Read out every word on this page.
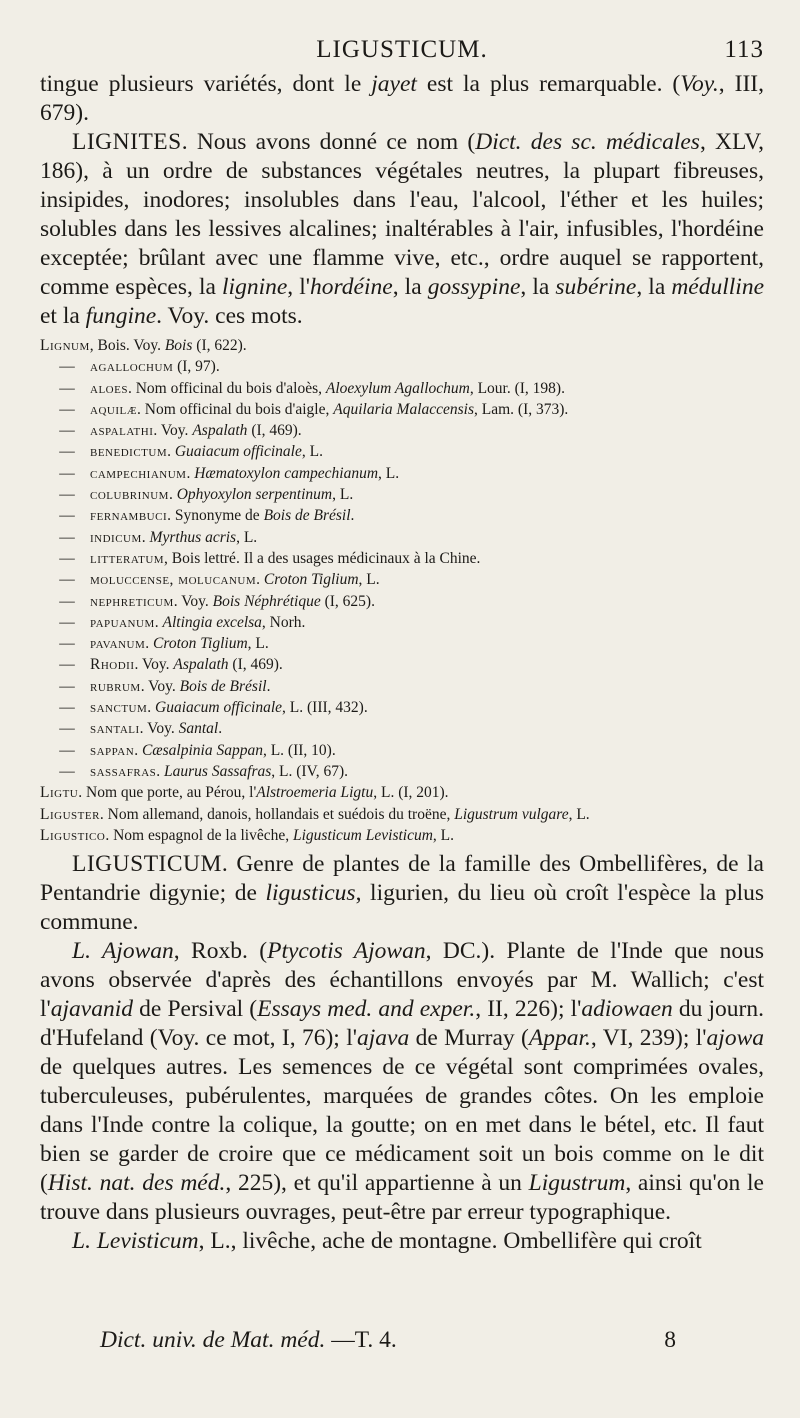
LIGUSTICUM.	113

tingue plusieurs variétés, dont le jayet est la plus remarquable. (Voy., III, 679).

LIGNITES. Nous avons donné ce nom (Dict. des sc. médicales, XLV, 186), à un ordre de substances végétales neutres, la plupart fibreuses, insipides, inodores; insolubles dans l'eau, l'alcool, l'éther et les huiles; solubles dans les lessives alcalines; inaltérables à l'air, infusibles, l'hordéine exceptée; brûlant avec une flamme vive, etc., ordre auquel se rapportent, comme espèces, la lignine, l'hordéine, la gossypine, la subérine, la médulline et la fungine. Voy. ces mots.

Lignum, Bois. Voy. Bois (I, 622).

— agallochum (I, 97).

— aloes. Nom officinal du bois d'aloès, Aloexylum Agallochum, Lour. (I, 198).

— aquilæ. Nom officinal du bois d'aigle, Aquilaria Malaccensis, Lam. (I, 373).

— aspalathi. Voy. Aspalath (I, 469).

— benedictum. Guaiacum officinale, L.

— campechianum. Hæmatoxylon campechianum, L.

— colubrinum. Ophyoxylon serpentinum, L.

— fernambuci. Synonyme de Bois de Brésil.

— indicum. Myrthus acris, L.

— litteratum, Bois lettré. Il a des usages médicinaux à la Chine.

— moluccense, molucanum. Croton Tiglium, L.

— nephreticum. Voy. Bois Néphrétique (I, 625).

— papuanum. Altingia excelsa, Norh.

— pavanum. Croton Tiglium, L.

— Rhodii. Voy. Aspalath (I, 469).

— rubrum. Voy. Bois de Brésil.

— sanctum. Guaiacum officinale, L. (III, 432).

— santali. Voy. Santal.

— sappan. Cæsalpinia Sappan, L. (II, 10).

— sassafras. Laurus Sassafras, L. (IV, 67).

Ligtu. Nom que porte, au Pérou, l'Alstroemeria Ligtu, L. (I, 201).

Liguster. Nom allemand, danois, hollandais et suédois du troëne, Ligustrum vulgare, L.

Ligustico. Nom espagnol de la livêche, Ligusticum Levisticum, L.

LIGUSTICUM. Genre de plantes de la famille des Ombellifères, de la Pentandrie digynie; de ligusticus, ligurien, du lieu où croît l'espèce la plus commune.

L. Ajowan, Roxb. (Ptycotis Ajowan, DC.). Plante de l'Inde que nous avons observée d'après des échantillons envoyés par M. Wallich; c'est l'ajavanid de Persival (Essays med. and exper., II, 226); l'adiowaen du journ. d'Hufeland (Voy. ce mot, I, 76); l'ajava de Murray (Appar., VI, 239); l'ajowa de quelques autres. Les semences de ce végétal sont comprimées ovales, tuberculeuses, pubérulentes, marquées de grandes côtes. On les emploie dans l'Inde contre la colique, la goutte; on en met dans le bétel, etc. Il faut bien se garder de croire que ce médicament soit un bois comme on le dit (Hist. nat. des méd., 225), et qu'il appartienne à un Ligustrum, ainsi qu'on le trouve dans plusieurs ouvrages, peut-être par erreur typographique.

L. Levisticum, L., livêche, ache de montagne. Ombellifère qui croît

Dict. univ. de Mat. méd. —T. 4.	8
